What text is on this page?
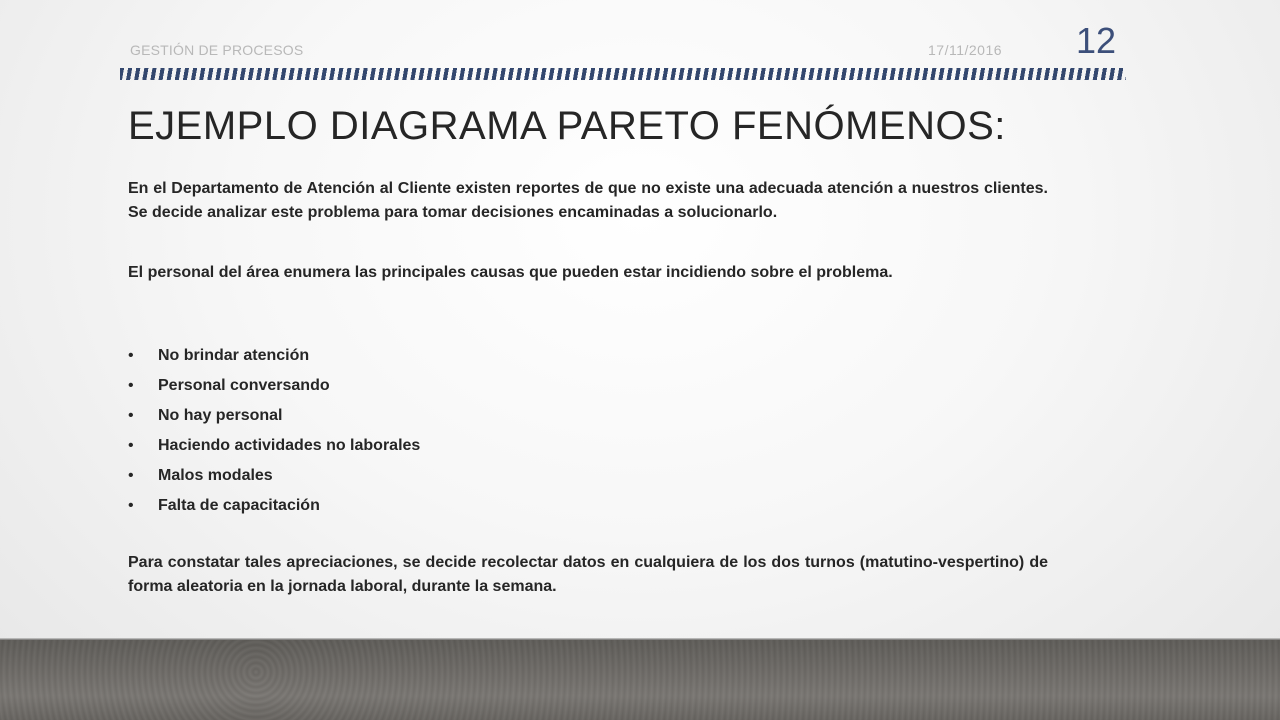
GESTIÓN DE PROCESOS	17/11/2016 12
EJEMPLO DIAGRAMA PARETO FENÓMENOS:

En el Departamento de Atención al Cliente existen reportes de que no existe una adecuada atención a nuestros clientes. Se decide analizar este problema para tomar decisiones encaminadas a solucionarlo.

El personal del área enumera las principales causas que pueden estar incidiendo sobre el problema.

• No brindar atención
• Personal conversando
• No hay personal
• Haciendo actividades no laborales
• Malos modales
• Falta de capacitación

Para constatar tales apreciaciones, se decide recolectar datos en cualquiera de los dos turnos (matutino-vespertino) de forma aleatoria en la jornada laboral, durante la semana.
